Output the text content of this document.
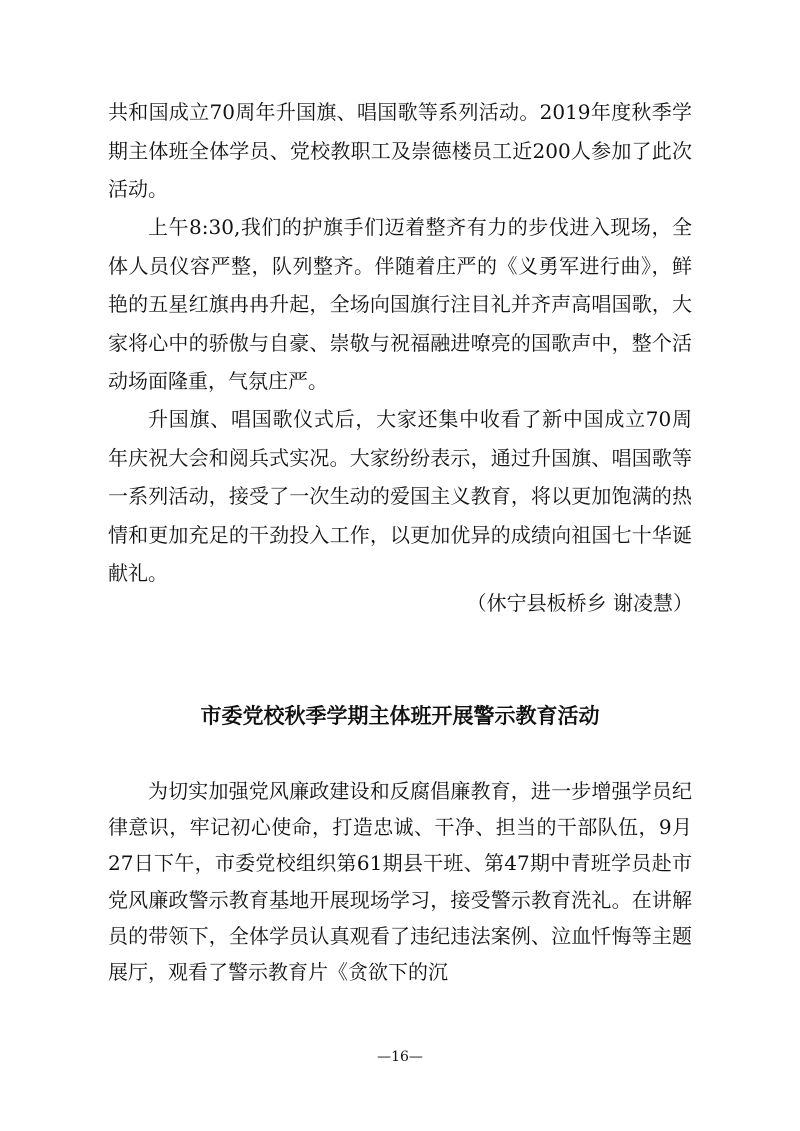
共和国成立70周年升国旗、唱国歌等系列活动。2019年度秋季学期主体班全体学员、党校教职工及崇德楼员工近200人参加了此次活动。

上午8:30,我们的护旗手们迈着整齐有力的步伐进入现场，全体人员仪容严整，队列整齐。伴随着庄严的《义勇军进行曲》，鲜艳的五星红旗冉冉升起，全场向国旗行注目礼并齐声高唱国歌，大家将心中的骄傲与自豪、崇敬与祝福融进嘹亮的国歌声中，整个活动场面隆重，气氛庄严。

升国旗、唱国歌仪式后，大家还集中收看了新中国成立70周年庆祝大会和阅兵式实况。大家纷纷表示，通过升国旗、唱国歌等一系列活动，接受了一次生动的爱国主义教育，将以更加饱满的热情和更加充足的干劲投入工作，以更加优异的成绩向祖国七十华诞献礼。

（休宁县板桥乡 谢凌慧）
市委党校秋季学期主体班开展警示教育活动

为切实加强党风廉政建设和反腐倡廉教育，进一步增强学员纪律意识，牢记初心使命，打造忠诚、干净、担当的干部队伍，9月27日下午，市委党校组织第61期县干班、第47期中青班学员赴市党风廉政警示教育基地开展现场学习，接受警示教育洗礼。在讲解员的带领下，全体学员认真观看了违纪违法案例、泣血忏悔等主题展厅，观看了警示教育片《贪欲下的沉

—16—
